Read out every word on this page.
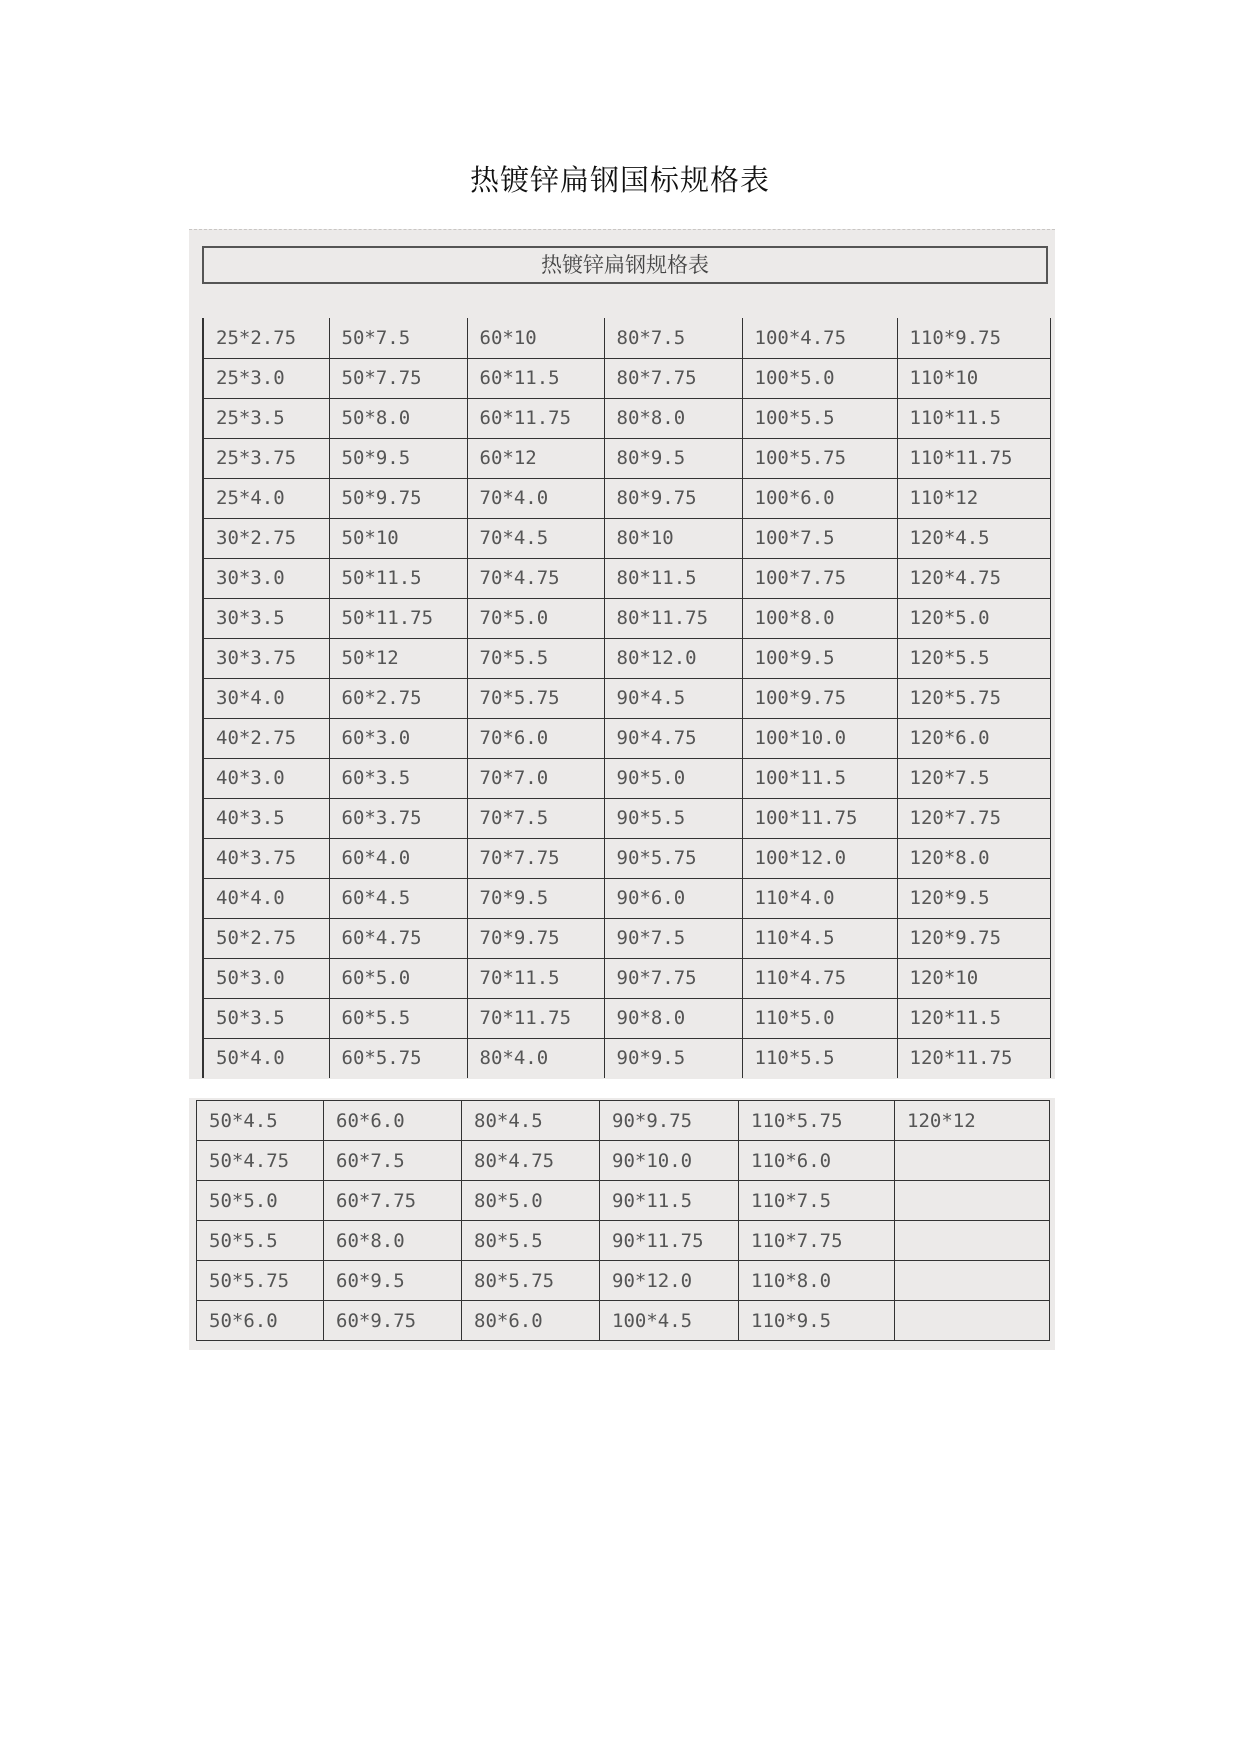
热镀锌扁钢国标规格表
热镀锌扁钢规格表
25*2.75	50*7.5	60*10	80*7.5	100*4.75	110*9.75
25*3.0	50*7.75	60*11.5	80*7.75	100*5.0	110*10
25*3.5	50*8.0	60*11.75	80*8.0	100*5.5	110*11.5
25*3.75	50*9.5	60*12	80*9.5	100*5.75	110*11.75
25*4.0	50*9.75	70*4.0	80*9.75	100*6.0	110*12
30*2.75	50*10	70*4.5	80*10	100*7.5	120*4.5
30*3.0	50*11.5	70*4.75	80*11.5	100*7.75	120*4.75
30*3.5	50*11.75	70*5.0	80*11.75	100*8.0	120*5.0
30*3.75	50*12	70*5.5	80*12.0	100*9.5	120*5.5
30*4.0	60*2.75	70*5.75	90*4.5	100*9.75	120*5.75
40*2.75	60*3.0	70*6.0	90*4.75	100*10.0	120*6.0
40*3.0	60*3.5	70*7.0	90*5.0	100*11.5	120*7.5
40*3.5	60*3.75	70*7.5	90*5.5	100*11.75	120*7.75
40*3.75	60*4.0	70*7.75	90*5.75	100*12.0	120*8.0
40*4.0	60*4.5	70*9.5	90*6.0	110*4.0	120*9.5
50*2.75	60*4.75	70*9.75	90*7.5	110*4.5	120*9.75
50*3.0	60*5.0	70*11.5	90*7.75	110*4.75	120*10
50*3.5	60*5.5	70*11.75	90*8.0	110*5.0	120*11.5
50*4.0	60*5.75	80*4.0	90*9.5	110*5.5	120*11.75
50*4.5	60*6.0	80*4.5	90*9.75	110*5.75	120*12
50*4.75	60*7.5	80*4.75	90*10.0	110*6.0	
50*5.0	60*7.75	80*5.0	90*11.5	110*7.5	
50*5.5	60*8.0	80*5.5	90*11.75	110*7.75	
50*5.75	60*9.5	80*5.75	90*12.0	110*8.0	
50*6.0	60*9.75	80*6.0	100*4.5	110*9.5	
